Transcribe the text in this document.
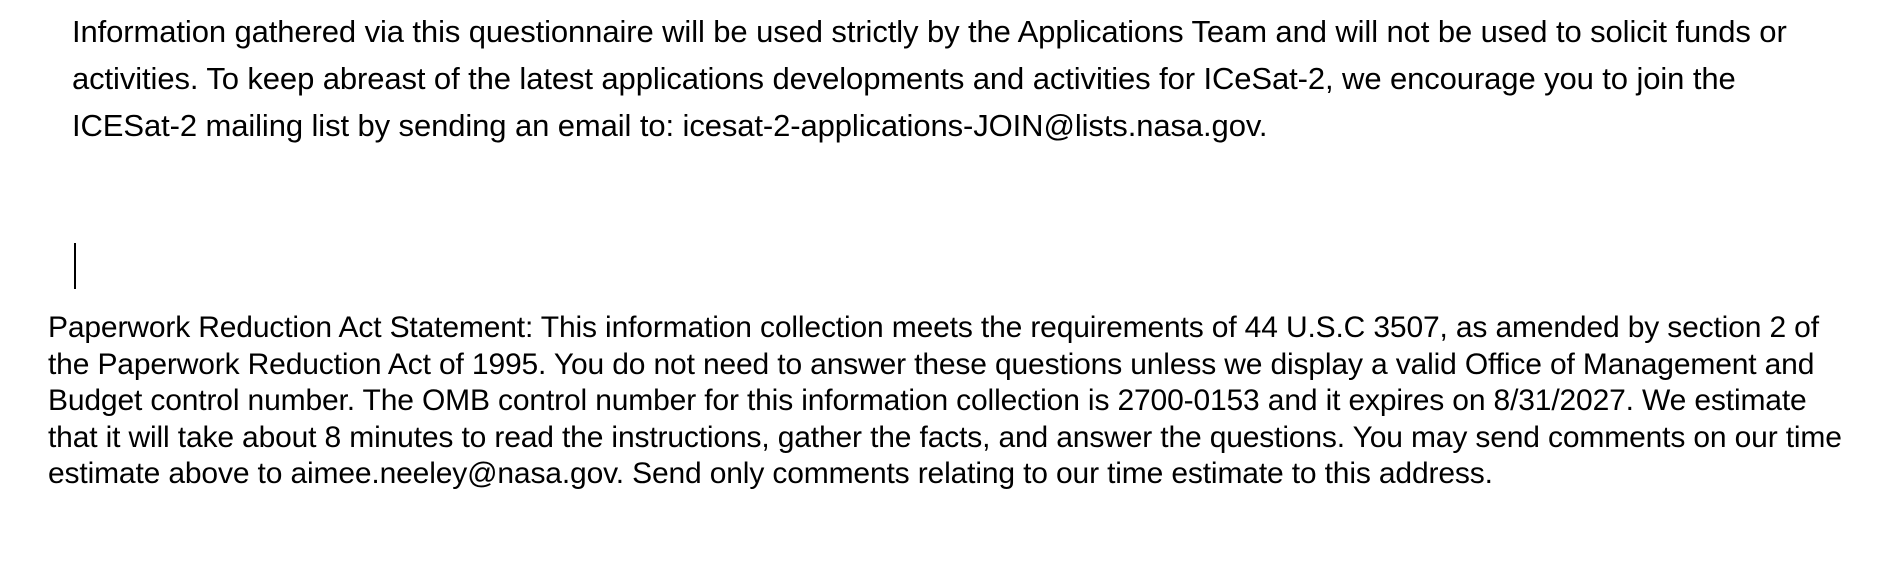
Information gathered via this questionnaire will be used strictly by the Applications Team and will not be used to solicit funds or activities. To keep abreast of the latest applications developments and activities for ICeSat-2, we encourage you to join the ICESat-2 mailing list by sending an email to: icesat-2-applications-JOIN@lists.nasa.gov.

Paperwork Reduction Act Statement: This information collection meets the requirements of 44 U.S.C 3507, as amended by section 2 of the Paperwork Reduction Act of 1995. You do not need to answer these questions unless we display a valid Office of Management and Budget control number. The OMB control number for this information collection is 2700-0153 and it expires on 8/31/2027. We estimate that it will take about 8 minutes to read the instructions, gather the facts, and answer the questions. You may send comments on our time estimate above to aimee.neeley@nasa.gov. Send only comments relating to our time estimate to this address.
